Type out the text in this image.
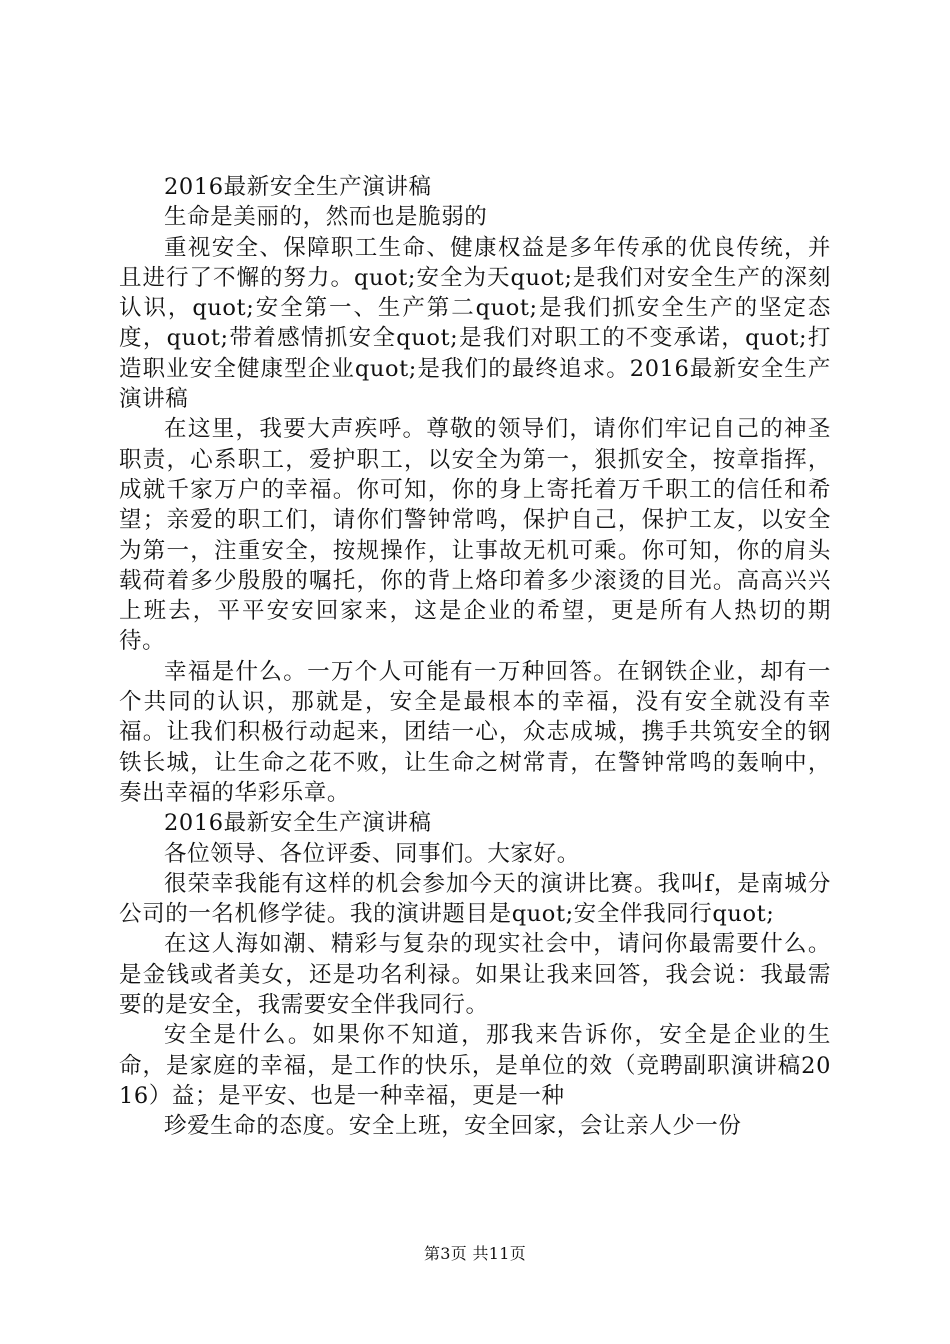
2016最新安全生产演讲稿

生命是美丽的，然而也是脆弱的

重视安全、保障职工生命、健康权益是多年传承的优良传统，并且进行了不懈的努力。quot;安全为天quot;是我们对安全生产的深刻认识，quot;安全第一、生产第二quot;是我们抓安全生产的坚定态度，quot;带着感情抓安全quot;是我们对职工的不变承诺，quot;打造职业安全健康型企业quot;是我们的最终追求。2016最新安全生产演讲稿

在这里，我要大声疾呼。尊敬的领导们，请你们牢记自己的神圣职责，心系职工，爱护职工，以安全为第一，狠抓安全，按章指挥，成就千家万户的幸福。你可知，你的身上寄托着万千职工的信任和希望；亲爱的职工们，请你们警钟常鸣，保护自己，保护工友，以安全为第一，注重安全，按规操作，让事故无机可乘。你可知，你的肩头载荷着多少殷殷的嘱托，你的背上烙印着多少滚烫的目光。高高兴兴上班去，平平安安回家来，这是企业的希望，更是所有人热切的期待。

幸福是什么。一万个人可能有一万种回答。在钢铁企业，却有一个共同的认识，那就是，安全是最根本的幸福，没有安全就没有幸福。让我们积极行动起来，团结一心，众志成城，携手共筑安全的钢铁长城，让生命之花不败，让生命之树常青，在警钟常鸣的轰响中，奏出幸福的华彩乐章。

2016最新安全生产演讲稿

各位领导、各位评委、同事们。大家好。

很荣幸我能有这样的机会参加今天的演讲比赛。我叫f，是南城分公司的一名机修学徒。我的演讲题目是quot;安全伴我同行quot;

在这人海如潮、精彩与复杂的现实社会中，请问你最需要什么。是金钱或者美女，还是功名利禄。如果让我来回答，我会说：我最需要的是安全，我需要安全伴我同行。

安全是什么。如果你不知道，那我来告诉你，安全是企业的生命，是家庭的幸福，是工作的快乐，是单位的效（竞聘副职演讲稿2016）益；是平安、也是一种幸福，更是一种

珍爱生命的态度。安全上班，安全回家，会让亲人少一份

第3页 共11页
